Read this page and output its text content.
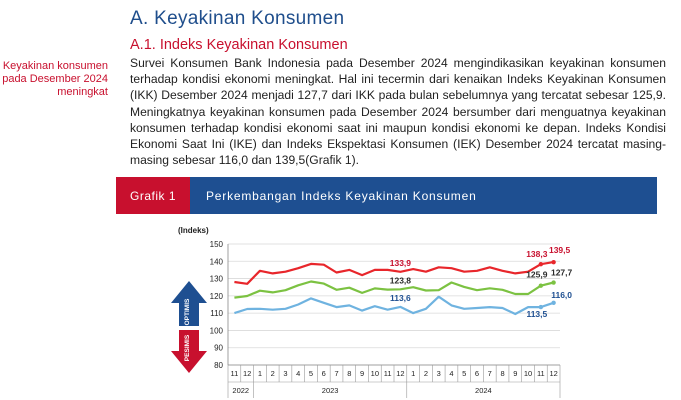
A. Keyakinan Konsumen
A.1. Indeks Keyakinan Konsumen
Keyakinan konsumen pada Desember 2024 meningkat
Survei Konsumen Bank Indonesia pada Desember 2024 mengindikasikan keyakinan konsumen terhadap kondisi ekonomi meningkat. Hal ini tecermin dari kenaikan Indeks Keyakinan Konsumen (IKK) Desember 2024 menjadi 127,7 dari IKK pada bulan sebelumnya yang tercatat sebesar 125,9. Meningkatnya keyakinan konsumen pada Desember 2024 bersumber dari menguatnya keyakinan konsumen terhadap kondisi ekonomi saat ini maupun kondisi ekonomi ke depan. Indeks Kondisi Ekonomi Saat Ini (IKE) dan Indeks Ekspektasi Konsumen (IEK) Desember 2024 tercatat masing-masing sebesar 116,0 dan 139,5(Grafik 1).
Grafik 1	Perkembangan Indeks Keyakinan Konsumen
(Indeks)
80
90
100
110
120
130
140
150
11 12 1 2 3 4 5 6 7 8 9 10 11 12 1 2 3 4 5 6 7 8 9 10 11 12
2022	2023	2024
133,9
123,8
113,6
138,3 139,5
125,9 127,7
113,5
116,0
OPTIMIS
PESIMIS
